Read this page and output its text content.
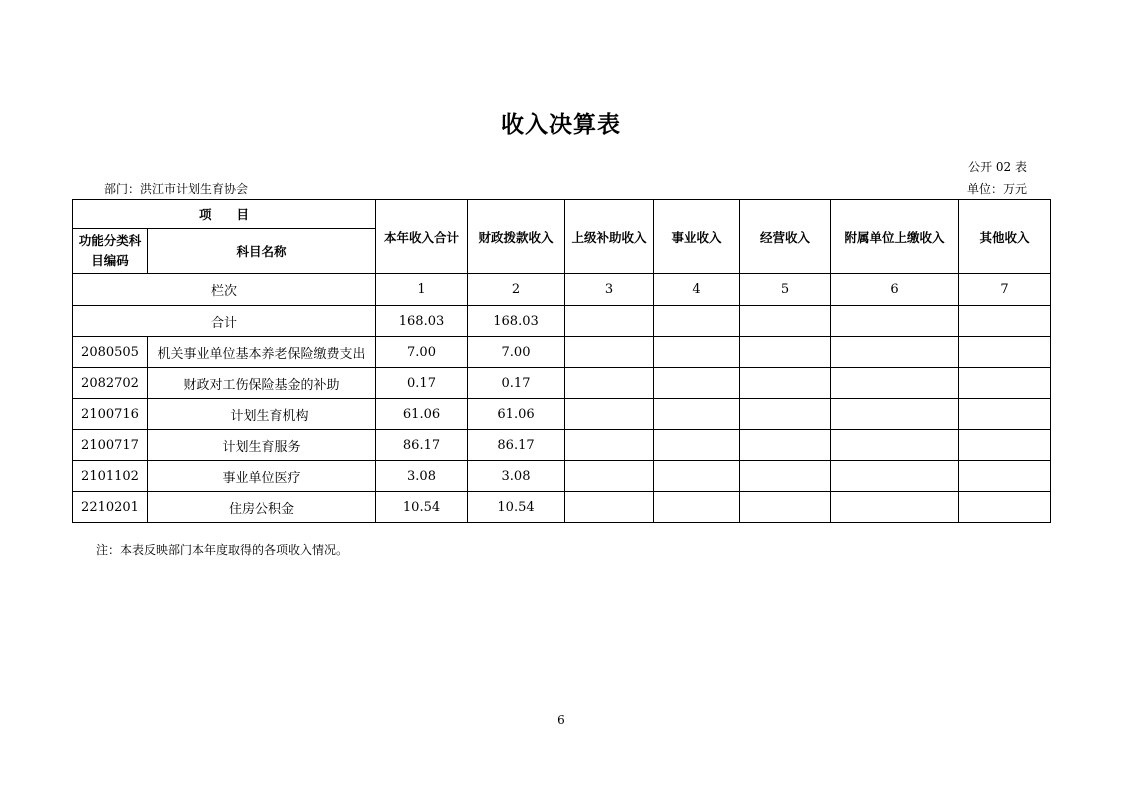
收入决算表
公开 02 表
部门：洪江市计划生育协会	单位：万元
项　　目		本年收入合计	财政拨款收入	上级补助收入	事业收入	经营收入	附属单位上缴收入	其他收入
功能分类科目编码	科目名称							
栏次		1	2	3	4	5	6	7
合计		168.03	168.03					
2080505	机关事业单位基本养老保险缴费支出	7.00	7.00					
2082702	财政对工伤保险基金的补助	0.17	0.17					
2100716	计划生育机构	61.06	61.06					
2100717	计划生育服务	86.17	86.17					
2101102	事业单位医疗	3.08	3.08					
2210201	住房公积金	10.54	10.54					
注：本表反映部门本年度取得的各项收入情况。
6
